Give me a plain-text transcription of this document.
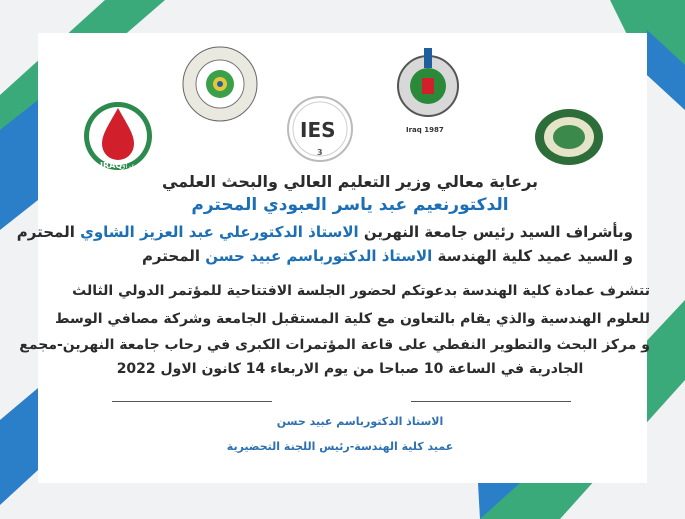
IRAQ
عراق
IES
3
Iraq 1987
برعاية معالي وزير التعليم العالي والبحث العلمي
الدكتورنعيم عبد ياسر العبودي المحترم
وبأشراف السيد رئيس جامعة النهرين الاستاذ الدكتورعلي عبد العزيز الشاوي المحترم
و السيد عميد كلية الهندسة الاستاذ الدكتورباسم عبيد حسن المحترم
تتشرف عمادة كلية الهندسة بدعوتكم لحضور الجلسة الافتتاحية للمؤتمر الدولي الثالث
للعلوم الهندسية والذي يقام بالتعاون مع كلية المستقبل الجامعة وشركة مصافي الوسط
و مركز البحث والتطوير النفطي على قاعة المؤتمرات الكبرى في رحاب جامعة النهرين-مجمع
الجادرية في الساعة 10 صباحا من يوم الاربعاء 14 كانون الاول 2022
الاستاذ الدكتورباسم عبيد حسن
عميد كلية الهندسة-رئيس اللجنة التحضيرية
